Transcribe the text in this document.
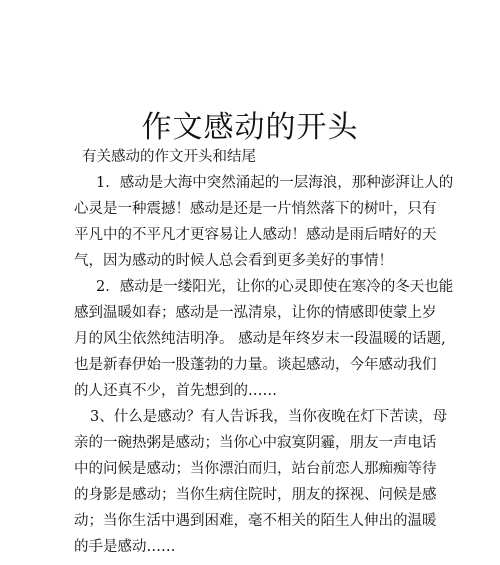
作文感动的开头
有关感动的作文开头和结尾
1．感动是大海中突然涌起的一层海浪，那种澎湃让人的
心灵是一种震撼！感动是还是一片悄然落下的树叶，只有
平凡中的不平凡才更容易让人感动！感动是雨后晴好的天
气，因为感动的时候人总会看到更多美好的事情！
2．感动是一缕阳光，让你的心灵即使在寒冷的冬天也能
感到温暖如春；感动是一泓清泉，让你的情感即使蒙上岁
月的风尘依然纯洁明净。 感动是年终岁末一段温暖的话题,
也是新春伊始一股蓬勃的力量。谈起感动，今年感动我们
的人还真不少，首先想到的……
3、什么是感动？有人告诉我，当你夜晚在灯下苦读，母
亲的一碗热粥是感动；当你心中寂寞阴霾，朋友一声电话
中的问候是感动；当你漂泊而归，站台前恋人那痴痴等待
的身影是感动；当你生病住院时，朋友的探视、问候是感
动；当你生活中遇到困难，毫不相关的陌生人伸出的温暖
的手是感动……
